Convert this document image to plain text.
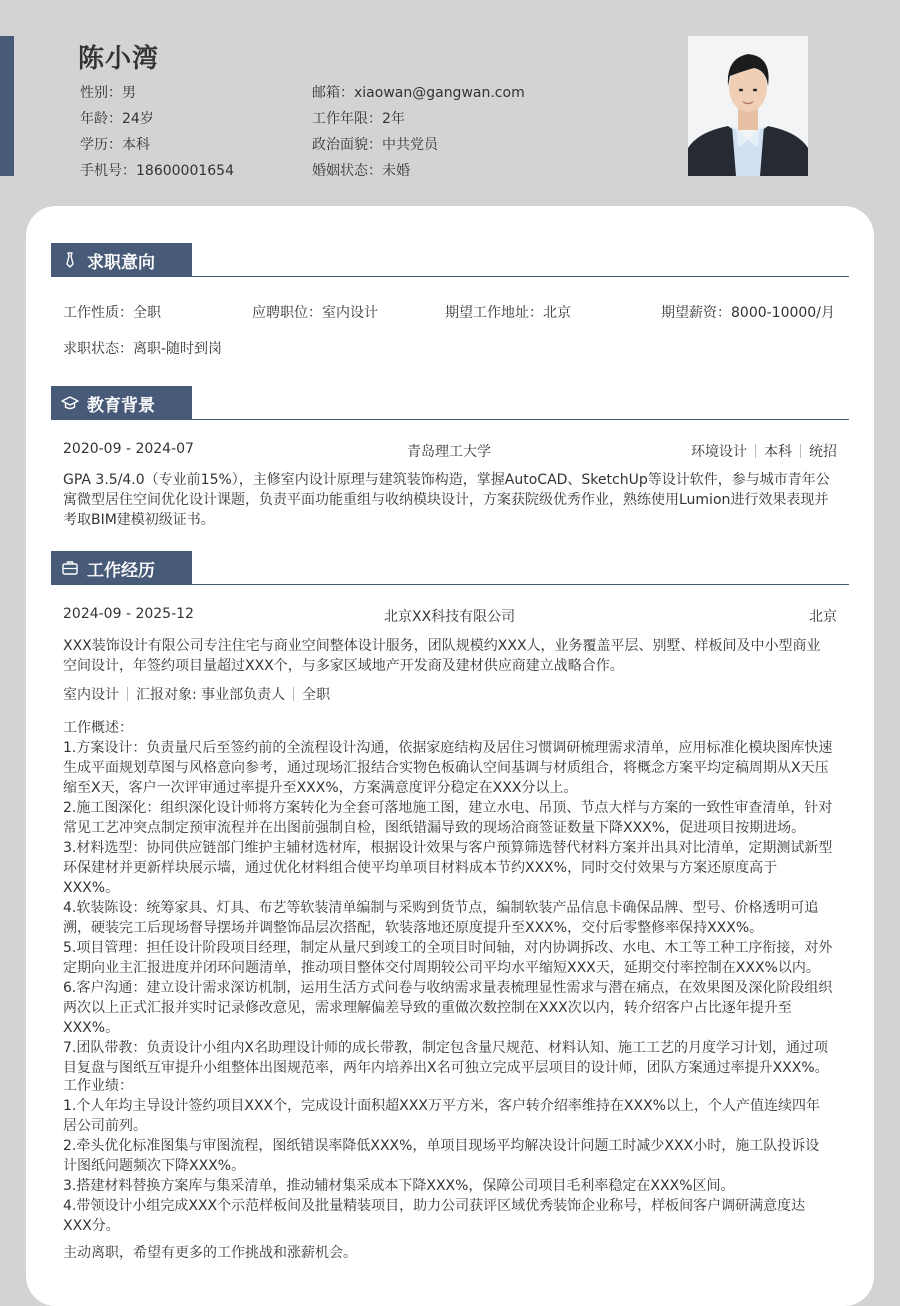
陈小湾
性别：男
年龄：24岁
学历：本科
手机号：18600001654
邮箱：xiaowan@gangwan.com
工作年限：2年
政治面貌：中共党员
婚姻状态：未婚
求职意向
工作性质：全职	应聘职位：室内设计	期望工作地址：北京	期望薪资：8000-10000/月
求职状态：离职-随时到岗
教育背景
2020-09 - 2024-07	青岛理工大学	环境设计 本科 统招
GPA 3.5/4.0（专业前15%），主修室内设计原理与建筑装饰构造，掌握AutoCAD、SketchUp等设计软件，参与城市青年公寓微型居住空间优化设计课题，负责平面功能重组与收纳模块设计，方案获院级优秀作业，熟练使用Lumion进行效果表现并考取BIM建模初级证书。
工作经历
2024-09 - 2025-12	北京XX科技有限公司	北京
XXX装饰设计有限公司专注住宅与商业空间整体设计服务，团队规模约XXX人，业务覆盖平层、别墅、样板间及中小型商业空间设计，年签约项目量超过XXX个，与多家区域地产开发商及建材供应商建立战略合作。
室内设计 汇报对象: 事业部负责人 全职
工作概述：
1.方案设计：负责量尺后至签约前的全流程设计沟通，依据家庭结构及居住习惯调研梳理需求清单，应用标准化模块图库快速生成平面规划草图与风格意向参考，通过现场汇报结合实物色板确认空间基调与材质组合，将概念方案平均定稿周期从X天压缩至X天，客户一次评审通过率提升至XXX%，方案满意度评分稳定在XXX分以上。
2.施工图深化：组织深化设计师将方案转化为全套可落地施工图，建立水电、吊顶、节点大样与方案的一致性审查清单，针对常见工艺冲突点制定预审流程并在出图前强制自检，图纸错漏导致的现场洽商签证数量下降XXX%，促进项目按期进场。
3.材料选型：协同供应链部门维护主辅材选材库，根据设计效果与客户预算筛选替代材料方案并出具对比清单，定期测试新型环保建材并更新样块展示墙，通过优化材料组合使平均单项目材料成本节约XXX%，同时交付效果与方案还原度高于XXX%。
4.软装陈设：统筹家具、灯具、布艺等软装清单编制与采购到货节点，编制软装产品信息卡确保品牌、型号、价格透明可追溯，硬装完工后现场督导摆场并调整饰品层次搭配，软装落地还原度提升至XXX%，交付后零整修率保持XXX%。
5.项目管理：担任设计阶段项目经理，制定从量尺到竣工的全项目时间轴，对内协调拆改、水电、木工等工种工序衔接，对外定期向业主汇报进度并闭环问题清单，推动项目整体交付周期较公司平均水平缩短XXX天，延期交付率控制在XXX%以内。
6.客户沟通：建立设计需求深访机制，运用生活方式问卷与收纳需求量表梳理显性需求与潜在痛点，在效果图及深化阶段组织两次以上正式汇报并实时记录修改意见，需求理解偏差导致的重做次数控制在XXX次以内，转介绍客户占比逐年提升至XXX%。
7.团队带教：负责设计小组内X名助理设计师的成长带教，制定包含量尺规范、材料认知、施工工艺的月度学习计划，通过项目复盘与图纸互审提升小组整体出图规范率，两年内培养出X名可独立完成平层项目的设计师，团队方案通过率提升XXX%。
工作业绩：
1.个人年均主导设计签约项目XXX个，完成设计面积超XXX万平方米，客户转介绍率维持在XXX%以上，个人产值连续四年居公司前列。
2.牵头优化标准图集与审图流程，图纸错误率降低XXX%，单项目现场平均解决设计问题工时减少XXX小时，施工队投诉设计图纸问题频次下降XXX%。
3.搭建材料替换方案库与集采清单，推动辅材集采成本下降XXX%，保障公司项目毛利率稳定在XXX%区间。
4.带领设计小组完成XXX个示范样板间及批量精装项目，助力公司获评区域优秀装饰企业称号，样板间客户调研满意度达XXX分。
主动离职，希望有更多的工作挑战和涨薪机会。
